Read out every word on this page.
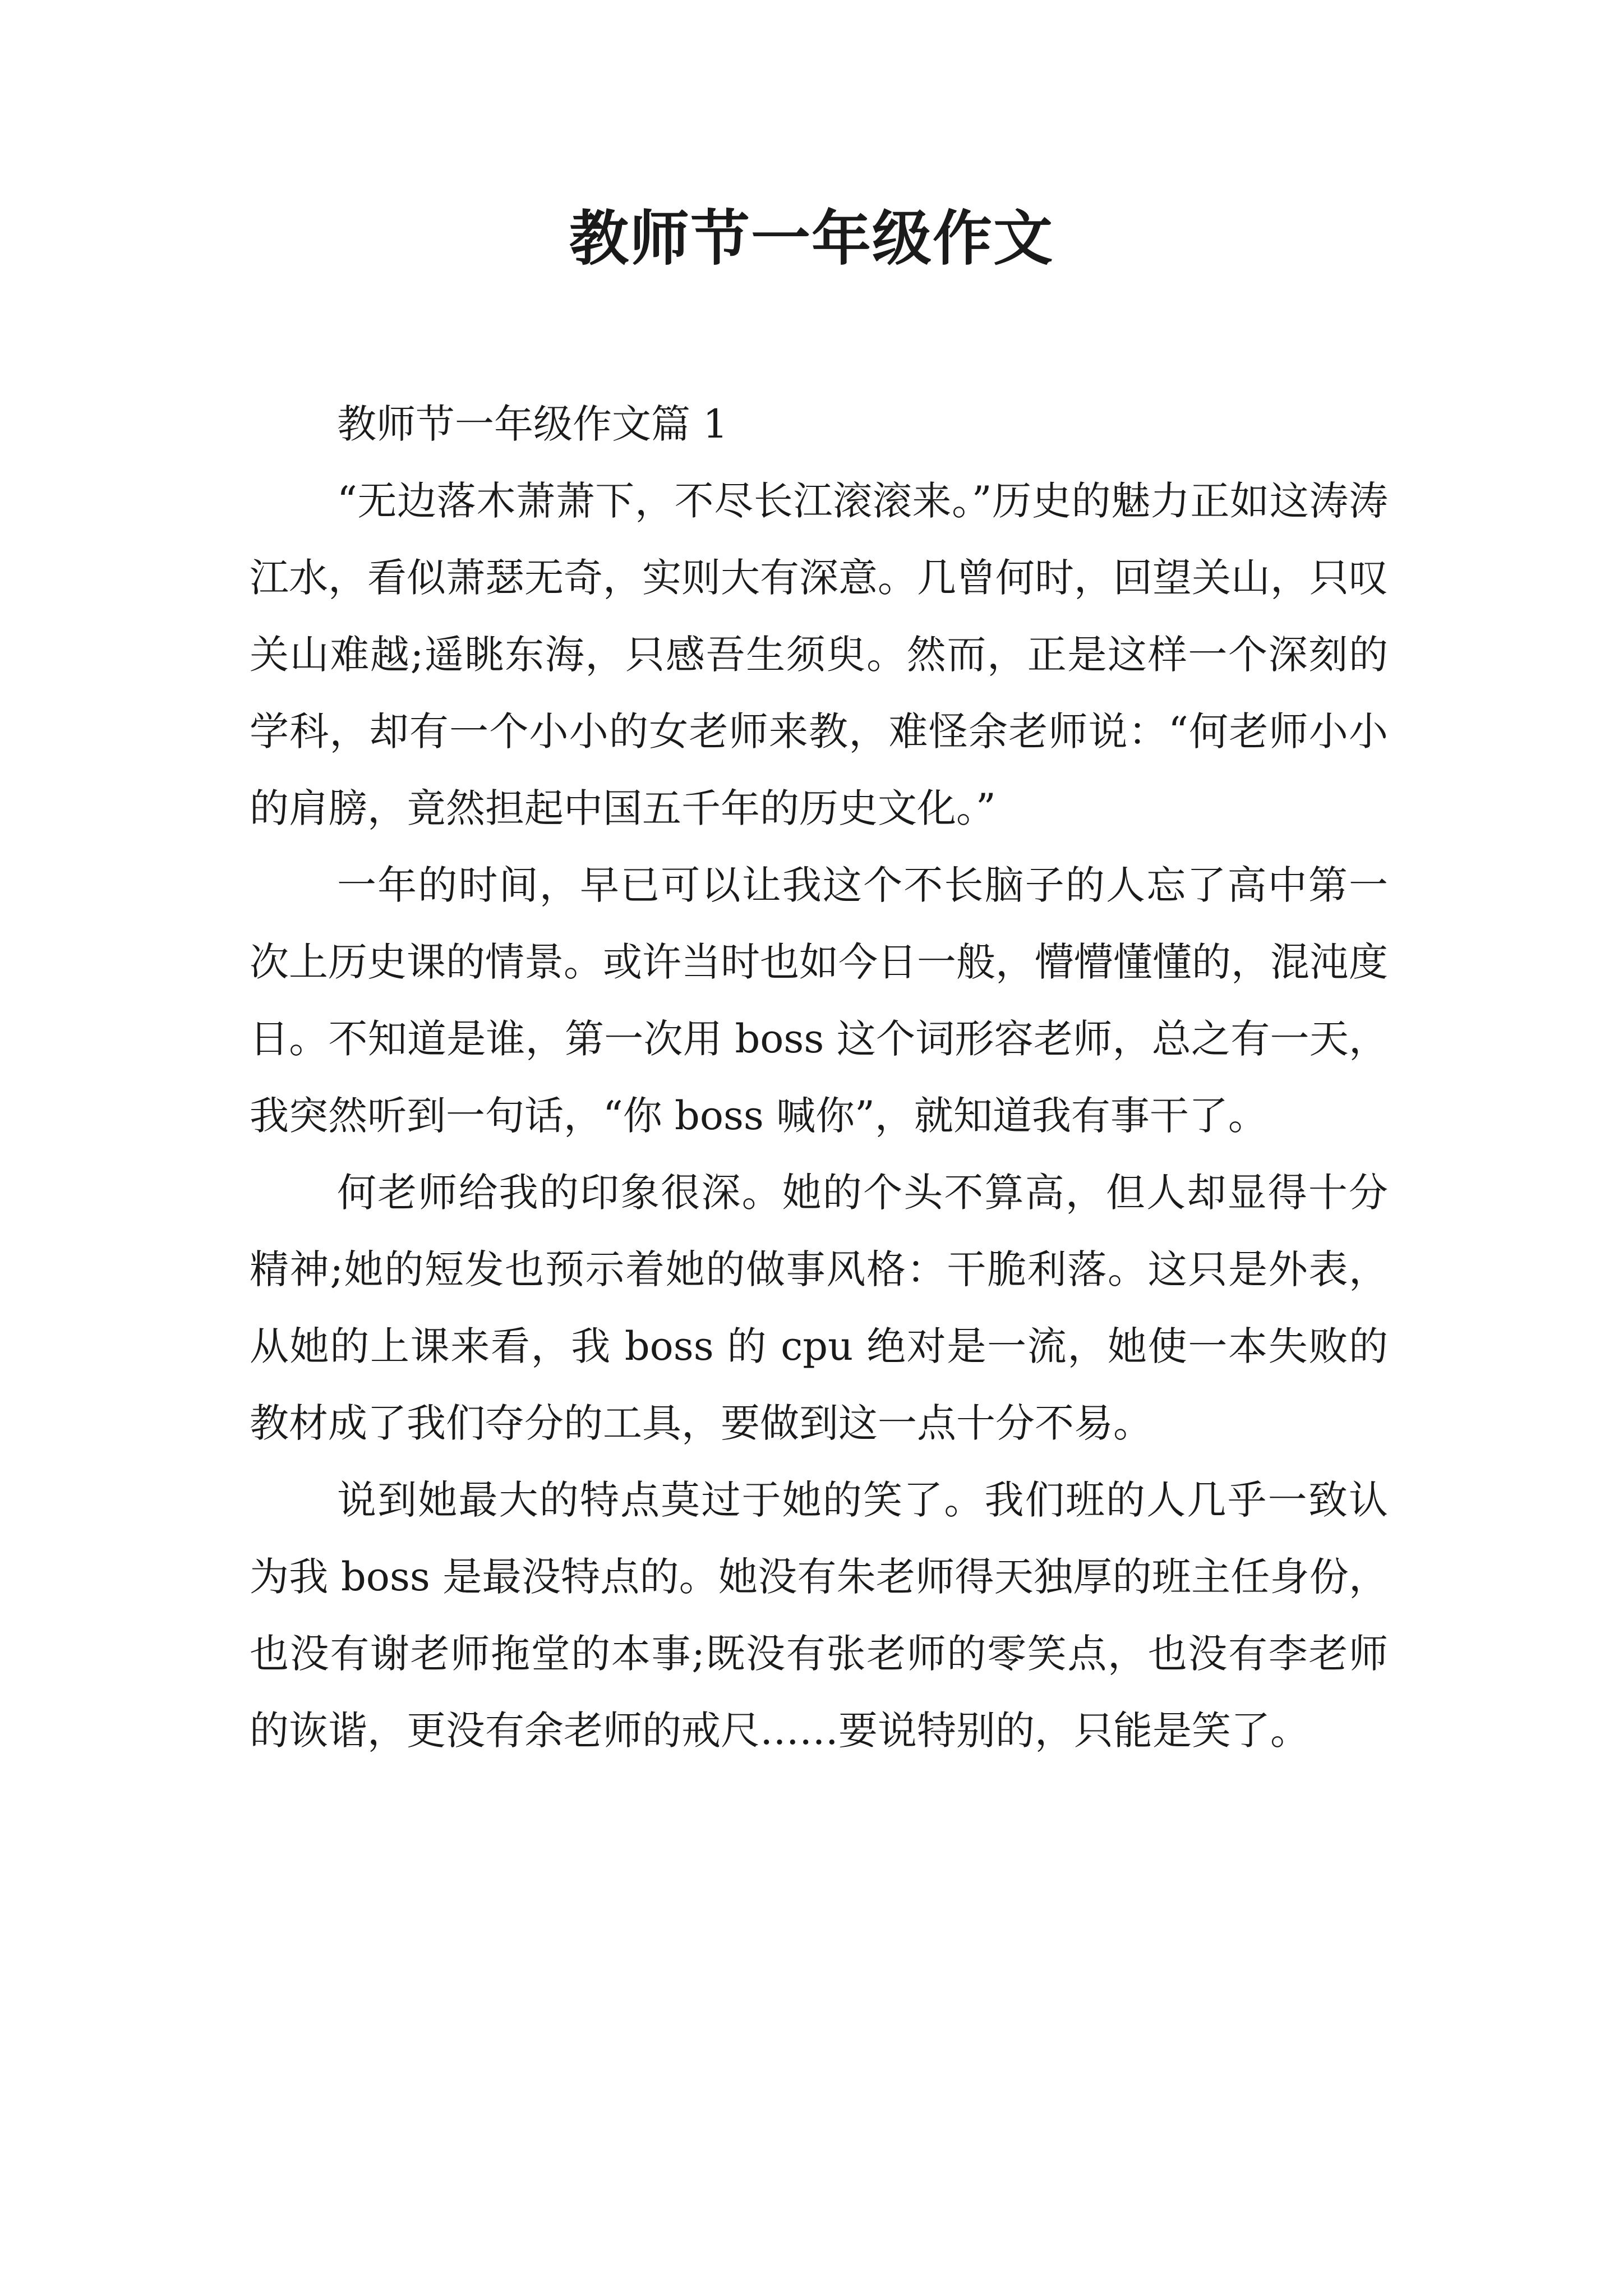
教师节一年级作文

教师节一年级作文篇 1

“无边落木萧萧下，不尽长江滚滚来。”历史的魅力正如这涛涛江水，看似萧瑟无奇，实则大有深意。几曾何时，回望关山，只叹关山难越;遥眺东海，只感吾生须臾。然而，正是这样一个深刻的学科，却有一个小小的女老师来教，难怪余老师说：“何老师小小的肩膀，竟然担起中国五千年的历史文化。”

一年的时间，早已可以让我这个不长脑子的人忘了高中第一次上历史课的情景。或许当时也如今日一般，懵懵懂懂的，混沌度日。不知道是谁，第一次用 boss 这个词形容老师，总之有一天，我突然听到一句话，“你 boss 喊你”，就知道我有事干了。

何老师给我的印象很深。她的个头不算高，但人却显得十分精神;她的短发也预示着她的做事风格：干脆利落。这只是外表，从她的上课来看，我 boss 的 cpu 绝对是一流，她使一本失败的教材成了我们夺分的工具，要做到这一点十分不易。

说到她最大的特点莫过于她的笑了。我们班的人几乎一致认为我 boss 是最没特点的。她没有朱老师得天独厚的班主任身份，也没有谢老师拖堂的本事;既没有张老师的零笑点，也没有李老师的诙谐，更没有余老师的戒尺……要说特别的，只能是笑了。
